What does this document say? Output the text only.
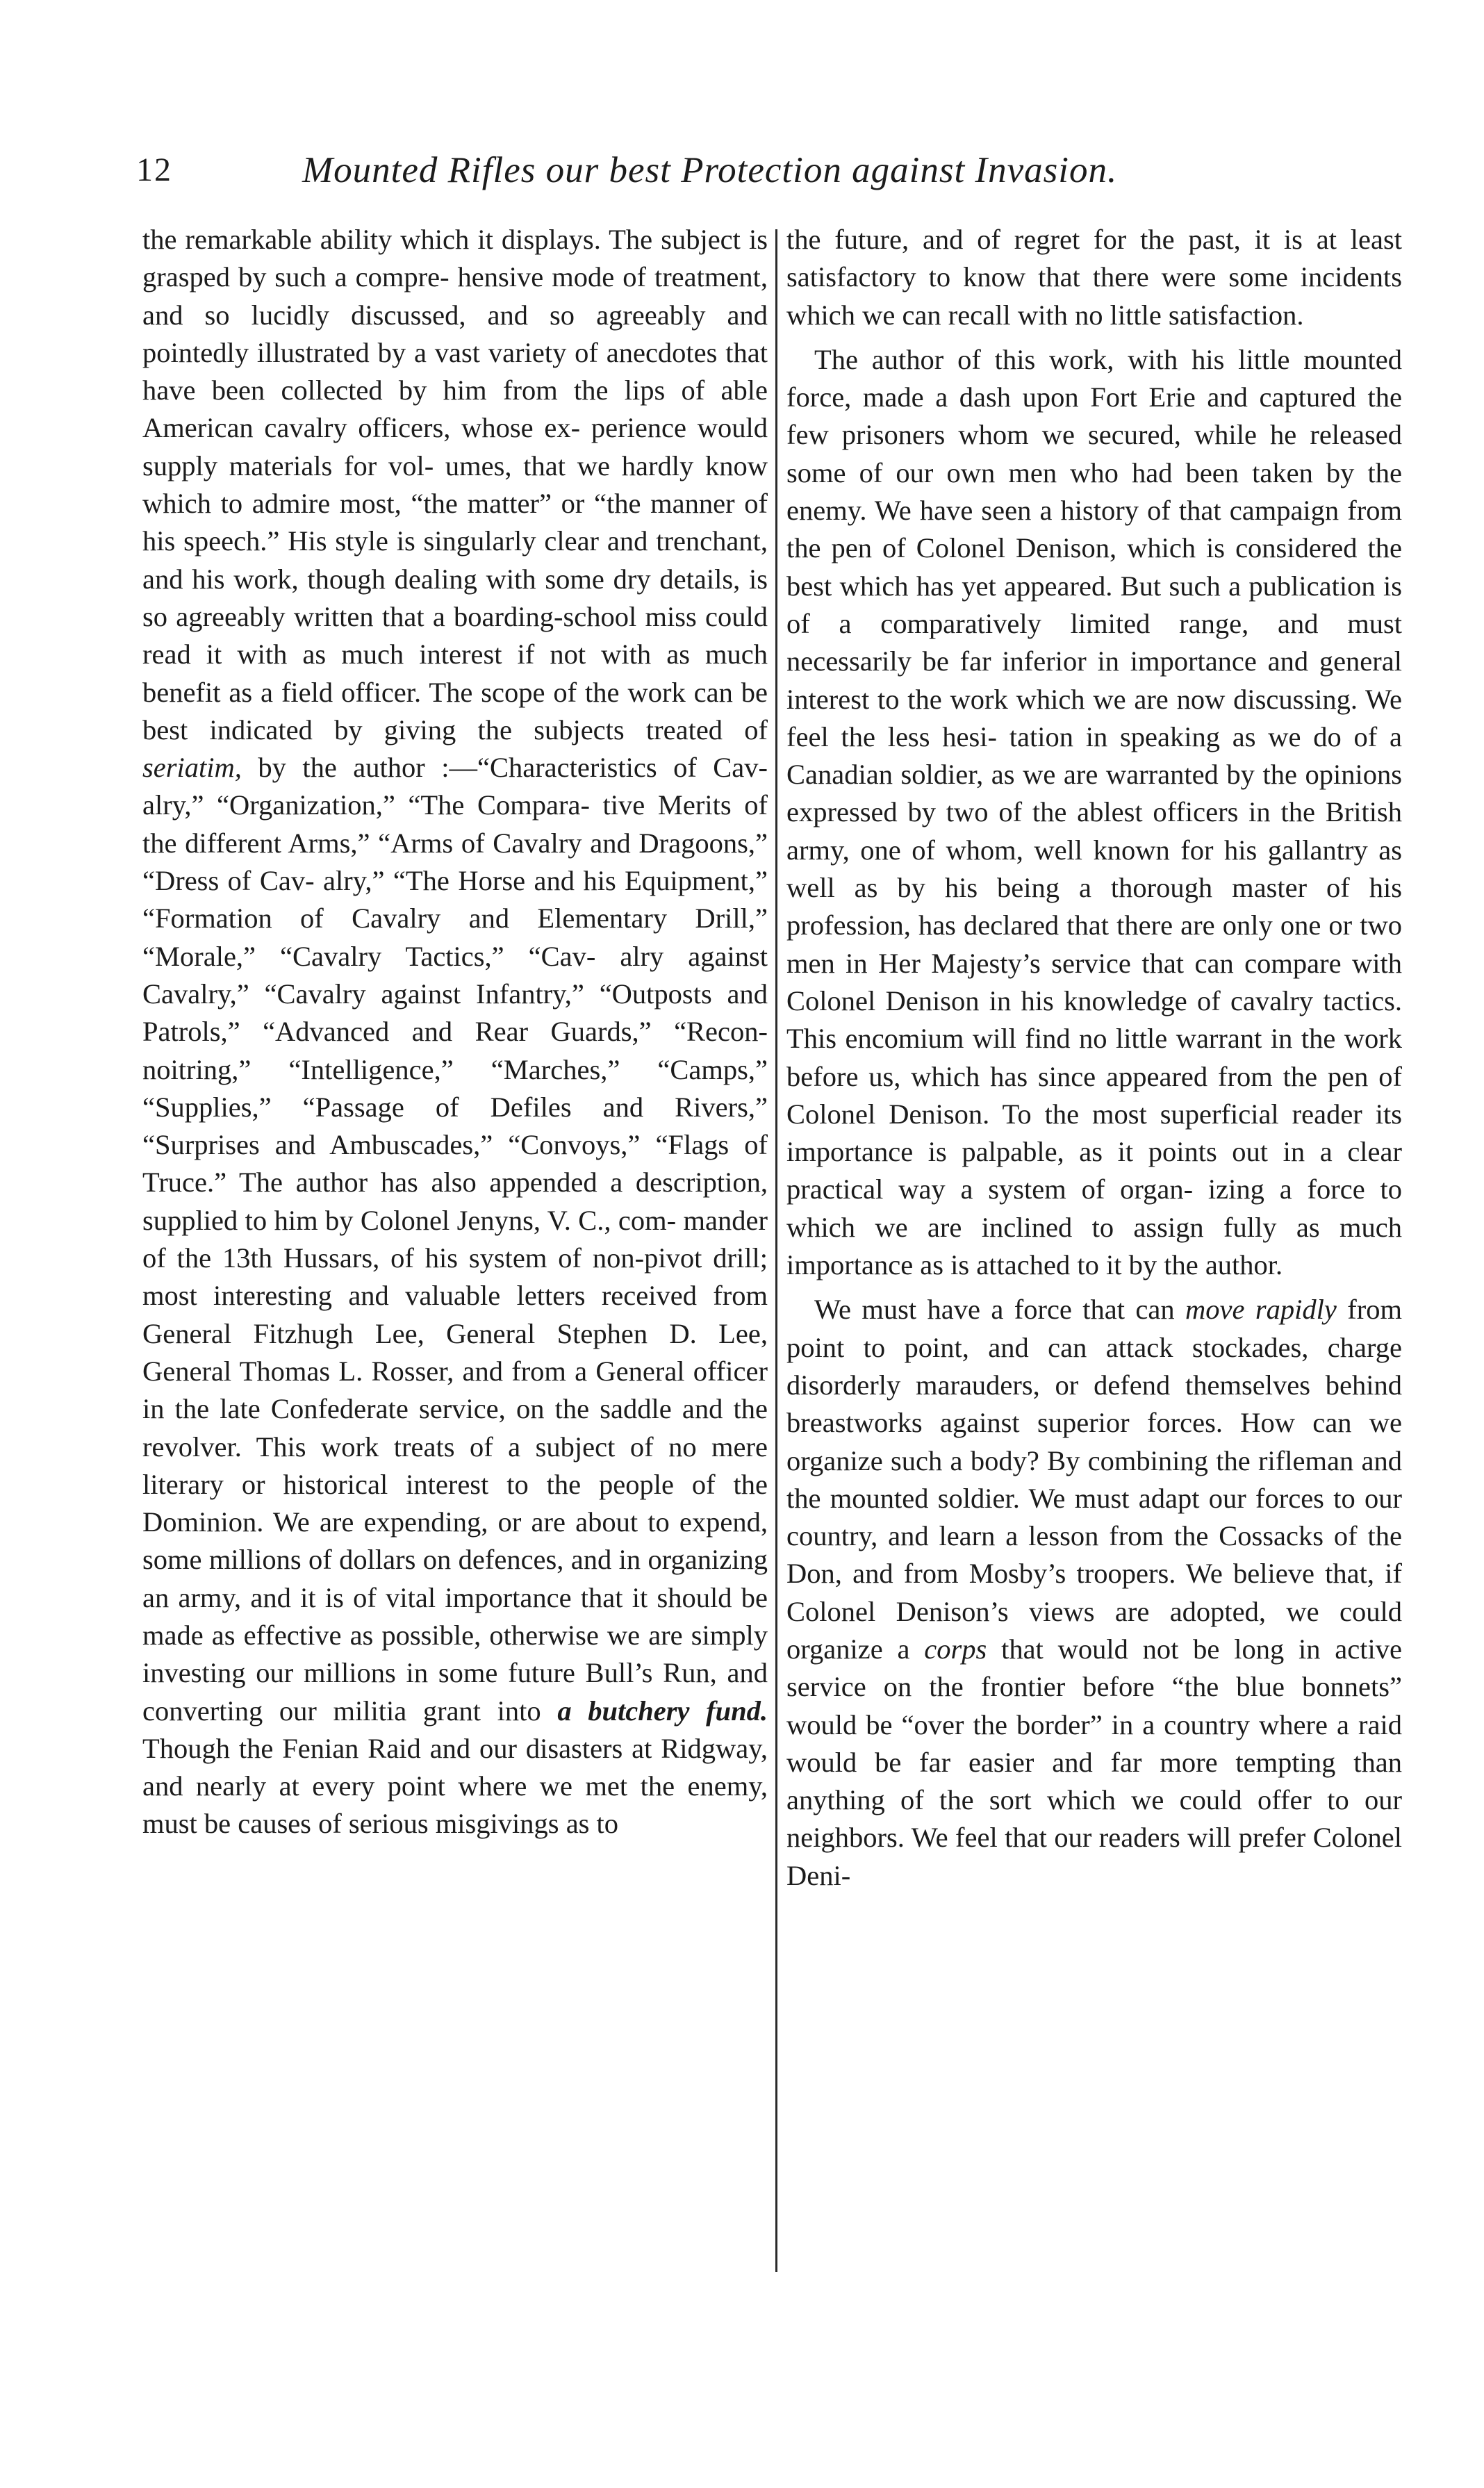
12	Mounted Rifles our best Protection against Invasion.

the remarkable ability which it displays. The subject is grasped by such a compre- hensive mode of treatment, and so lucidly discussed, and so agreeably and pointedly illustrated by a vast variety of anecdotes that have been collected by him from the lips of able American cavalry officers, whose ex- perience would supply materials for vol- umes, that we hardly know which to admire most, “the matter” or “the manner of his speech.” His style is singularly clear and trenchant, and his work, though dealing with some dry details, is so agreeably written that a boarding-school miss could read it with as much interest if not with as much benefit as a field officer. The scope of the work can be best indicated by giving the subjects treated of seriatim, by the author :—“Characteristics of Cav- alry,” “Organization,” “The Compara- tive Merits of the different Arms,” “Arms of Cavalry and Dragoons,” “Dress of Cav- alry,” “The Horse and his Equipment,” “Formation of Cavalry and Elementary Drill,” “Morale,” “Cavalry Tactics,” “Cav- alry against Cavalry,” “Cavalry against Infantry,” “Outposts and Patrols,” “Advanced and Rear Guards,” “Recon- noitring,” “Intelligence,” “Marches,” “Camps,” “Supplies,” “Passage of Defiles and Rivers,” “Surprises and Ambuscades,” “Convoys,” “Flags of Truce.” The author has also appended a description, supplied to him by Colonel Jenyns, V. C., com- mander of the 13th Hussars, of his system of non-pivot drill; most interesting and valuable letters received from General Fitzhugh Lee, General Stephen D. Lee, General Thomas L. Rosser, and from a General officer in the late Confederate service, on the saddle and the revolver. This work treats of a subject of no mere literary or historical interest to the people of the Dominion. We are expending, or are about to expend, some millions of dollars on defences, and in organizing an army, and it is of vital importance that it should be made as effective as possible, otherwise we are simply investing our millions in some future Bull’s Run, and converting our militia grant into a butchery fund. Though the Fenian Raid and our disasters at Ridgway, and nearly at every point where we met the enemy, must be causes of serious misgivings as to

the future, and of regret for the past, it is at least satisfactory to know that there were some incidents which we can recall with no little satisfaction.

The author of this work, with his little mounted force, made a dash upon Fort Erie and captured the few prisoners whom we secured, while he released some of our own men who had been taken by the enemy. We have seen a history of that campaign from the pen of Colonel Denison, which is considered the best which has yet appeared. But such a publication is of a comparatively limited range, and must necessarily be far inferior in importance and general interest to the work which we are now discussing. We feel the less hesi- tation in speaking as we do of a Canadian soldier, as we are warranted by the opinions expressed by two of the ablest officers in the British army, one of whom, well known for his gallantry as well as by his being a thorough master of his profession, has declared that there are only one or two men in Her Majesty’s service that can compare with Colonel Denison in his knowledge of cavalry tactics. This encomium will find no little warrant in the work before us, which has since appeared from the pen of Colonel Denison. To the most superficial reader its importance is palpable, as it points out in a clear practical way a system of organ- izing a force to which we are inclined to assign fully as much importance as is attached to it by the author.

We must have a force that can move rapidly from point to point, and can attack stockades, charge disorderly marauders, or defend themselves behind breastworks against superior forces. How can we organize such a body? By combining the rifleman and the mounted soldier. We must adapt our forces to our country, and learn a lesson from the Cossacks of the Don, and from Mosby’s troopers. We believe that, if Colonel Denison’s views are adopted, we could organize a corps that would not be long in active service on the frontier before “the blue bonnets” would be “over the border” in a country where a raid would be far easier and far more tempting than anything of the sort which we could offer to our neighbors. We feel that our readers will prefer Colonel Deni-
